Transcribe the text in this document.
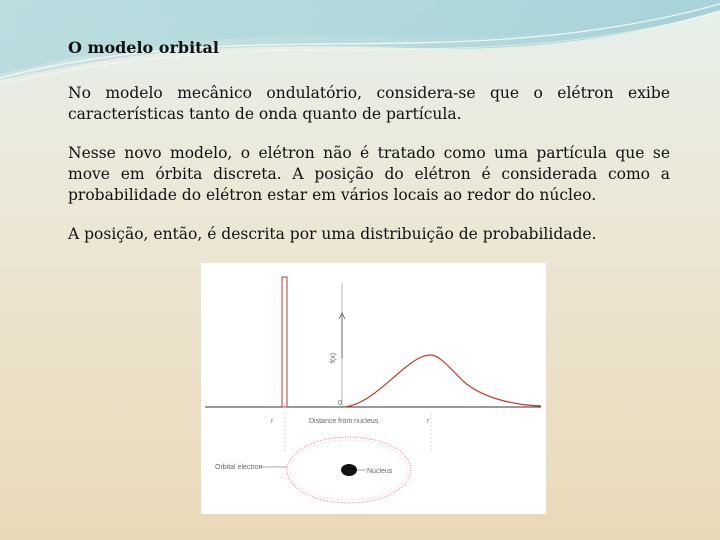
O modelo orbital

No modelo mecânico ondulatório, considera-se que o elétron exibe características tanto de onda quanto de partícula.

Nesse novo modelo, o elétron não é tratado como uma partícula que se move em órbita discreta. A posição do elétron é considerada como a probabilidade do elétron estar em vários locais ao redor do núcleo.

A posição, então, é descrita por uma distribuição de probabilidade.

f(x)
0
r	r
Distance from nucleus
Nucleus
Orbital electron
